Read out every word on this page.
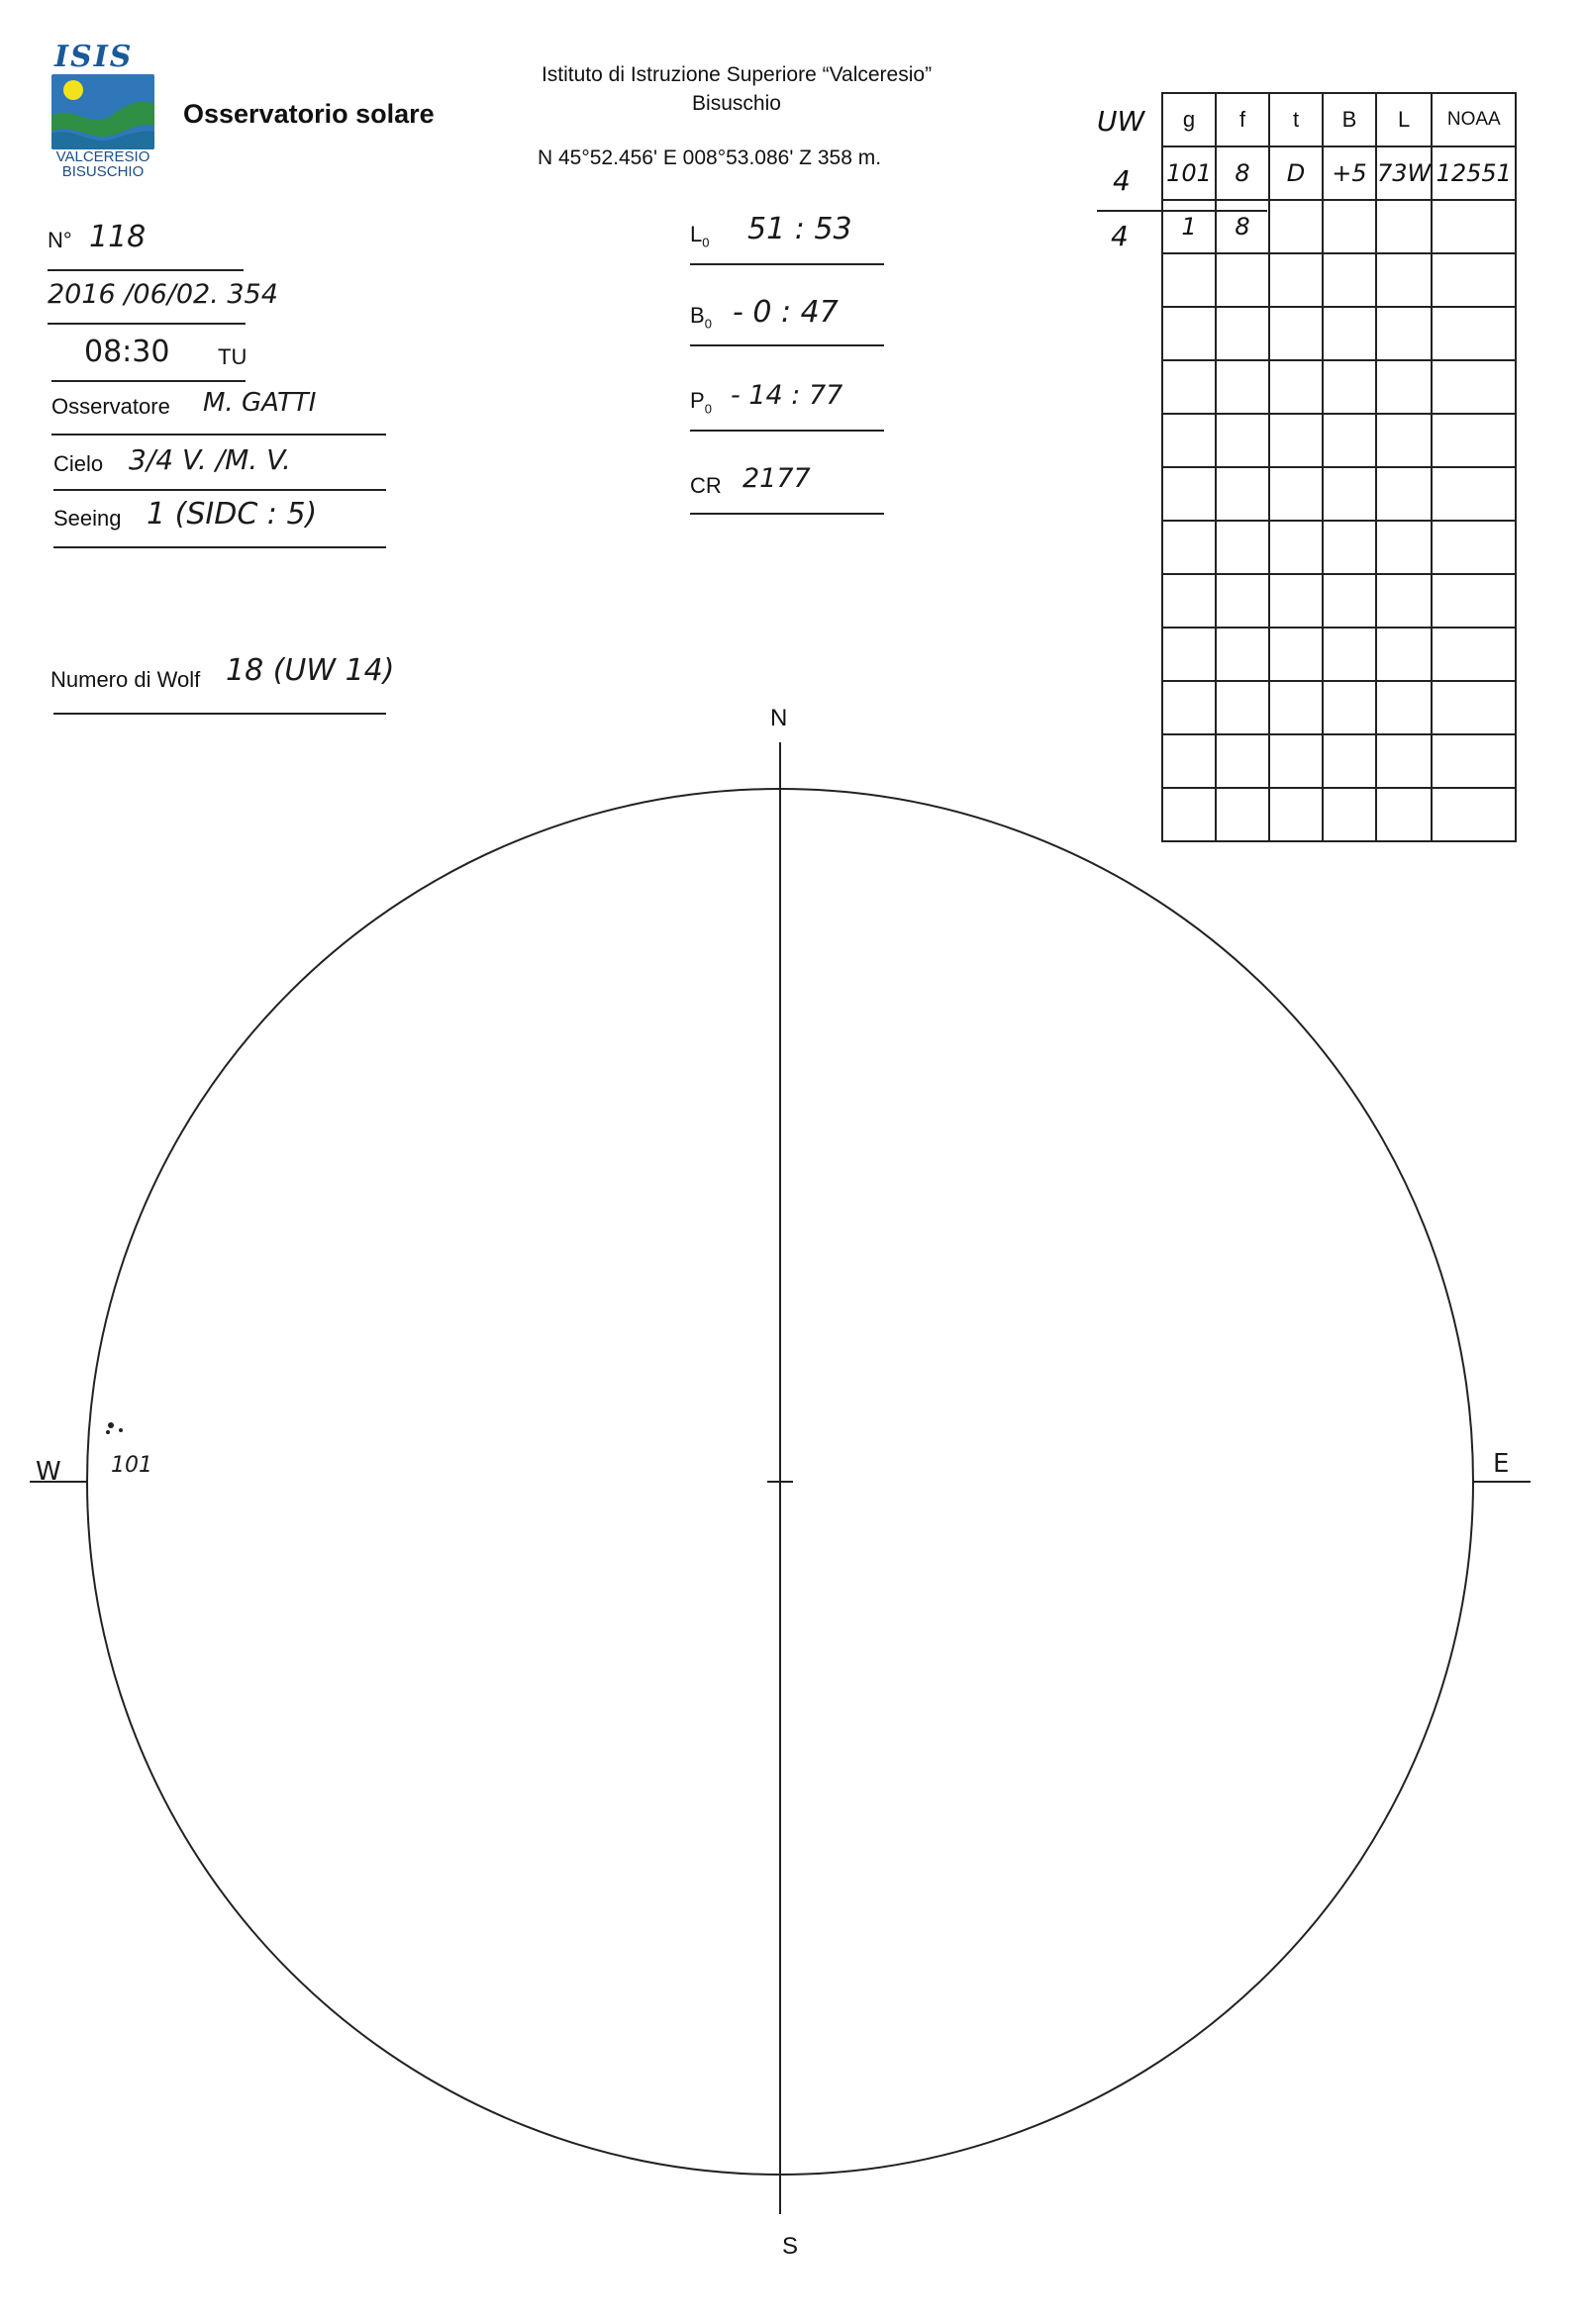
ISIS
VALCERESIO
BISUSCHIO
Osservatorio solare
Istituto di Istruzione Superiore “Valceresio”
Bisuschio
N 45°52.456' E 008°53.086' Z 358 m.
N° 118
2016 /06/02. 354
08:30 TU
Osservatore M. GATTI
Cielo 3/4 V. /M. V.
Seeing 1 (SIDC : 5)
Numero di Wolf 18 (UW 14)
$L_0$ 51 : 53
$B_0 - 0$ : 47
$P_0 - 14$ : 77
CR 2177
UW
4
4
g	f	t	B	L	NOAA
101	8	D	+5	73W	12551
1	8				

N
S
W	E
101
